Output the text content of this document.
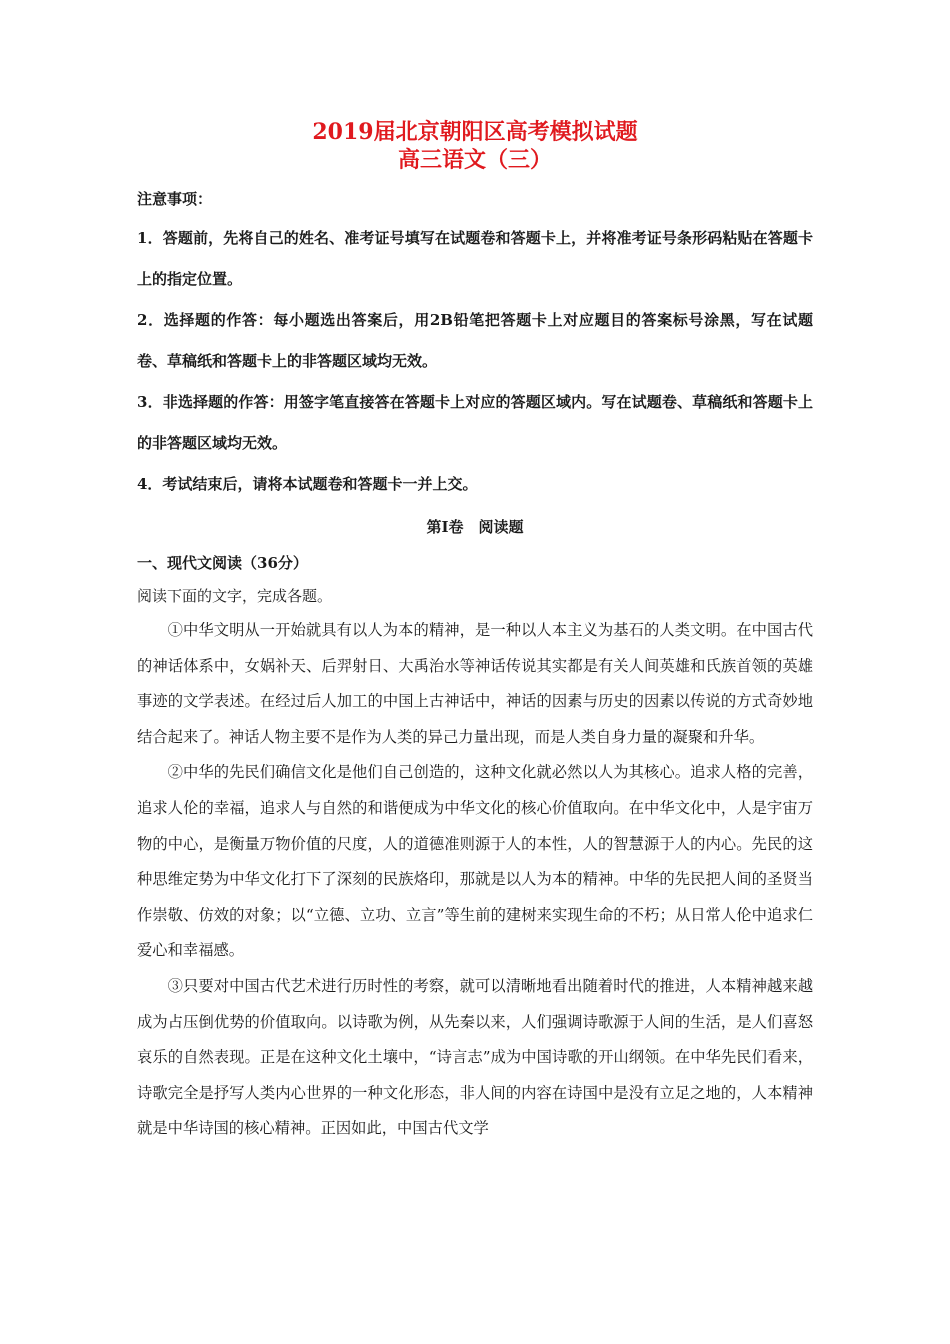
2019届北京朝阳区高考模拟试题
高三语文（三）
注意事项：
1．答题前，先将自己的姓名、准考证号填写在试题卷和答题卡上，并将准考证号条形码粘贴在答题卡上的指定位置。
2．选择题的作答：每小题选出答案后，用2B铅笔把答题卡上对应题目的答案标号涂黑，写在试题卷、草稿纸和答题卡上的非答题区域均无效。
3．非选择题的作答：用签字笔直接答在答题卡上对应的答题区域内。写在试题卷、草稿纸和答题卡上的非答题区域均无效。
4．考试结束后，请将本试题卷和答题卡一并上交。
第Ⅰ卷　阅读题
一、现代文阅读（36分）
阅读下面的文字，完成各题。

①中华文明从一开始就具有以人为本的精神，是一种以人本主义为基石的人类文明。在中国古代的神话体系中，女娲补天、后羿射日、大禹治水等神话传说其实都是有关人间英雄和氏族首领的英雄事迹的文学表述。在经过后人加工的中国上古神话中，神话的因素与历史的因素以传说的方式奇妙地结合起来了。神话人物主要不是作为人类的异己力量出现，而是人类自身力量的凝聚和升华。

②中华的先民们确信文化是他们自己创造的，这种文化就必然以人为其核心。追求人格的完善，追求人伦的幸福，追求人与自然的和谐便成为中华文化的核心价值取向。在中华文化中，人是宇宙万物的中心，是衡量万物价值的尺度，人的道德准则源于人的本性，人的智慧源于人的内心。先民的这种思维定势为中华文化打下了深刻的民族烙印，那就是以人为本的精神。中华的先民把人间的圣贤当作崇敬、仿效的对象；以“立德、立功、立言”等生前的建树来实现生命的不朽；从日常人伦中追求仁爱心和幸福感。

③只要对中国古代艺术进行历时性的考察，就可以清晰地看出随着时代的推进，人本精神越来越成为占压倒优势的价值取向。以诗歌为例，从先秦以来，人们强调诗歌源于人间的生活，是人们喜怒哀乐的自然表现。正是在这种文化土壤中，“诗言志”成为中国诗歌的开山纲领。在中华先民们看来，诗歌完全是抒写人类内心世界的一种文化形态，非人间的内容在诗国中是没有立足之地的，人本精神就是中华诗国的核心精神。正因如此，中国古代文学
